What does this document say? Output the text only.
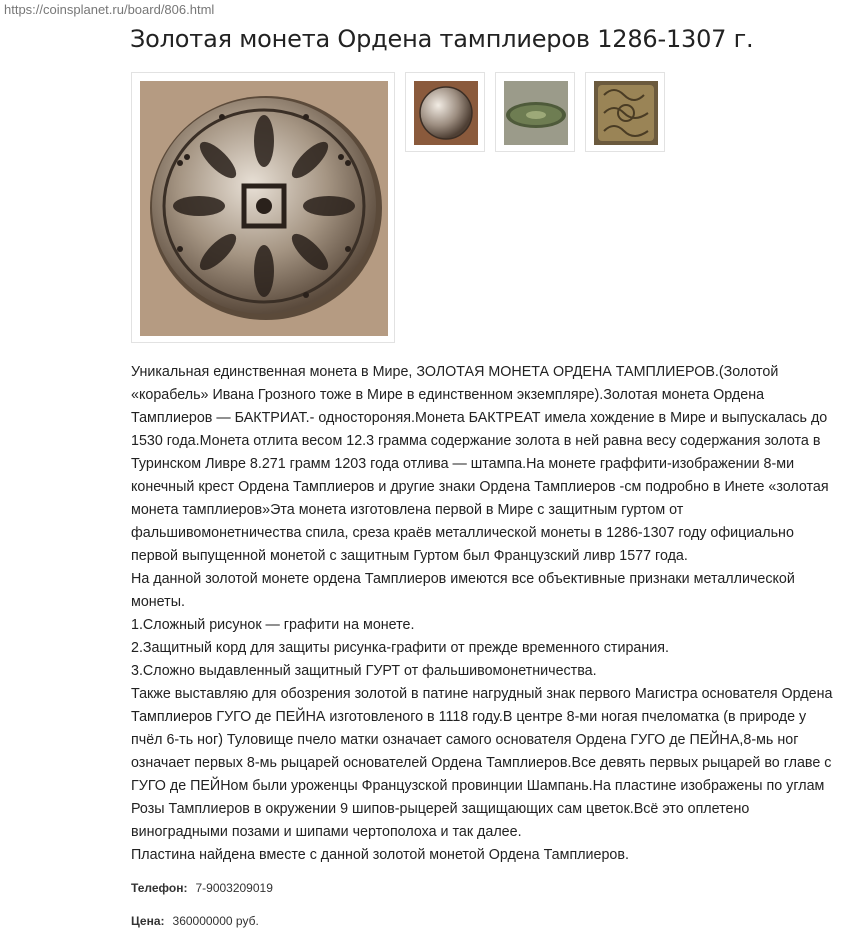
https://coinsplanet.ru/board/806.html
Золотая монета Ордена тамплиеров 1286-1307 г.

Уникальная единственная монета в Мире, ЗОЛОТАЯ МОНЕТА ОРДЕНА ТАМПЛИЕРОВ.(Золотой «корабель» Ивана Грозного тоже в Мире в единственном экземпляре).Золотая монета Ордена Тамплиеров — БАКТРИАТ.- одностороняя.Монета БАКТРЕАТ имела хождение в Мире и выпускалась до 1530 года.Монета отлита весом 12.3 грамма содержание золота в ней равна весу содержания золота в Туринском Ливре 8.271 грамм 1203 года отлива — штампа.На монете граффити-изображении 8-ми конечный крест Ордена Тамплиеров и другие знаки Ордена Тамплиеров -см подробно в Инете «золотая монета тамплиеров»Эта монета изготовлена первой в Мире с защитным гуртом от фальшивомонетничества спила, среза краёв металлической монеты в 1286-1307 году официально первой выпущенной монетой с защитным Гуртом был Французский ливр 1577 года.

На данной золотой монете ордена Тамплиеров имеются все объективные признаки металлической монеты.

1.Сложный рисунок — графити на монете.

2.Защитный корд для защиты рисунка-графити от прежде временного стирания.

3.Сложно выдавленный защитный ГУРТ от фальшивомонетничества.

Также выставляю для обозрения золотой в патине нагрудный знак первого Магистра основателя Ордена Тамплиеров ГУГО де ПЕЙНА изготовленого в 1118 году.В центре 8-ми ногая пчеломатка (в природе у пчёл 6-ть ног) Туловище пчело матки означает самого основателя Ордена ГУГО де ПЕЙНА,8-мь ног означает первых 8-мь рыцарей основателей Ордена Тамплиеров.Все девять первых рыцарей во главе с ГУГО де ПЕЙНом были уроженцы Французской провинции Шампань.На пластине изображены по углам Розы Тамплиеров в окружении 9 шипов-рыцерей защищающих сам цветок.Всё это оплетено виноградными позами и шипами чертополоха и так далее.

Пластина найдена вместе с данной золотой монетой Ордена Тамплиеров.

Телефон: 7-9003209019
Цена: 360000000 руб.
